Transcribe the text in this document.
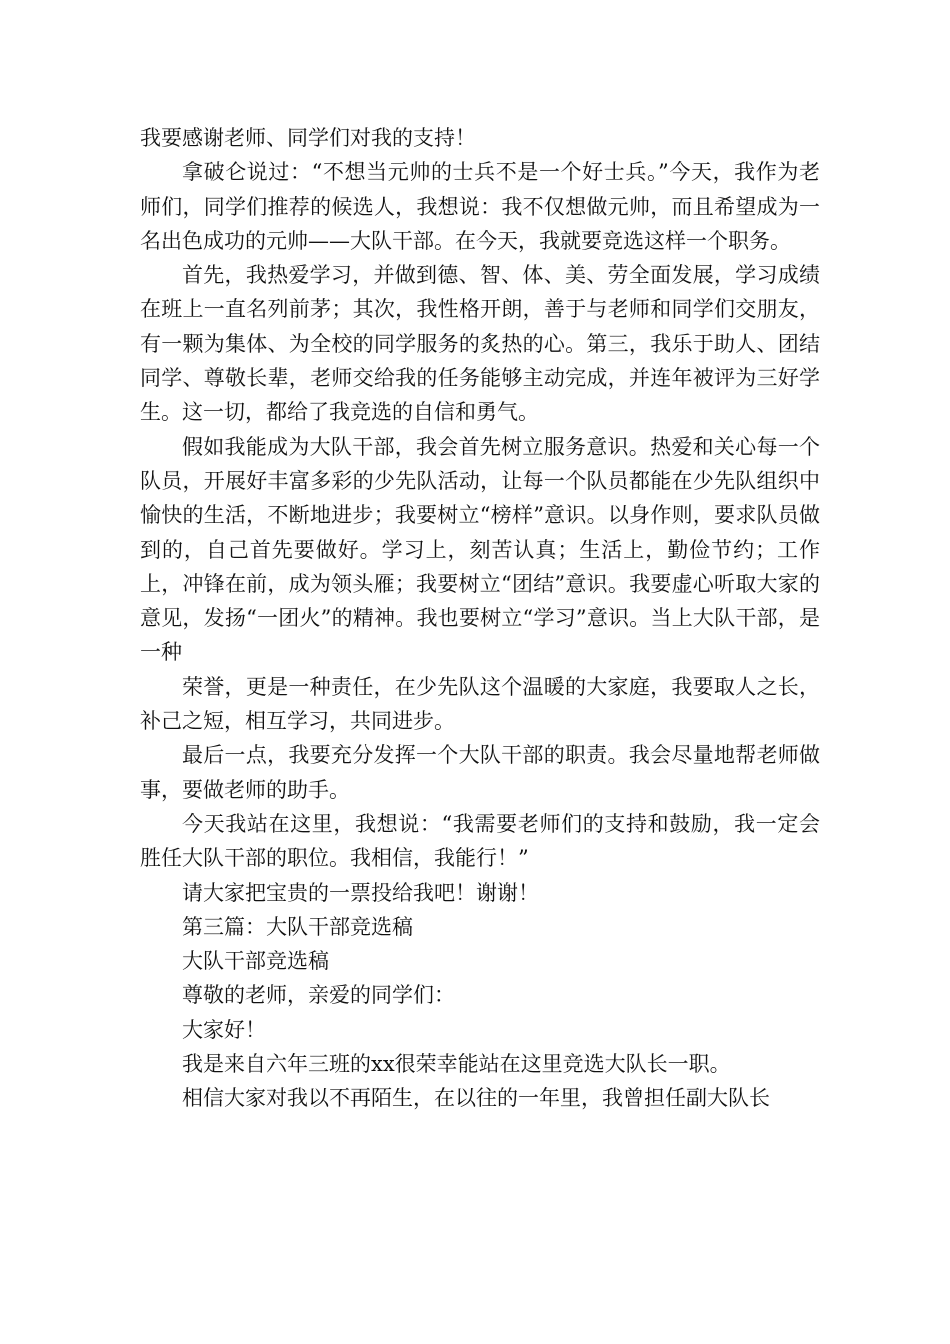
我要感谢老师、同学们对我的支持！

拿破仑说过：“不想当元帅的士兵不是一个好士兵。”今天，我作为老师们，同学们推荐的候选人，我想说：我不仅想做元帅，而且希望成为一名出色成功的元帅——大队干部。在今天，我就要竞选这样一个职务。

首先，我热爱学习，并做到德、智、体、美、劳全面发展，学习成绩在班上一直名列前茅；其次，我性格开朗，善于与老师和同学们交朋友，有一颗为集体、为全校的同学服务的炙热的心。第三，我乐于助人、团结同学、尊敬长辈，老师交给我的任务能够主动完成，并连年被评为三好学生。这一切，都给了我竞选的自信和勇气。

假如我能成为大队干部，我会首先树立服务意识。热爱和关心每一个队员，开展好丰富多彩的少先队活动，让每一个队员都能在少先队组织中愉快的生活，不断地进步；我要树立“榜样”意识。以身作则，要求队员做到的，自己首先要做好。学习上，刻苦认真；生活上，勤俭节约；工作上，冲锋在前，成为领头雁；我要树立“团结”意识。我要虚心听取大家的意见，发扬“一团火”的精神。我也要树立“学习”意识。当上大队干部，是一种

荣誉，更是一种责任，在少先队这个温暖的大家庭，我要取人之长，补己之短，相互学习，共同进步。

最后一点，我要充分发挥一个大队干部的职责。我会尽量地帮老师做事，要做老师的助手。

今天我站在这里，我想说：“我需要老师们的支持和鼓励，我一定会胜任大队干部的职位。我相信，我能行！”

请大家把宝贵的一票投给我吧！谢谢！

第三篇：大队干部竞选稿

大队干部竞选稿

尊敬的老师，亲爱的同学们：

大家好！

我是来自六年三班的xx很荣幸能站在这里竞选大队长一职。

相信大家对我以不再陌生，在以往的一年里，我曾担任副大队长
